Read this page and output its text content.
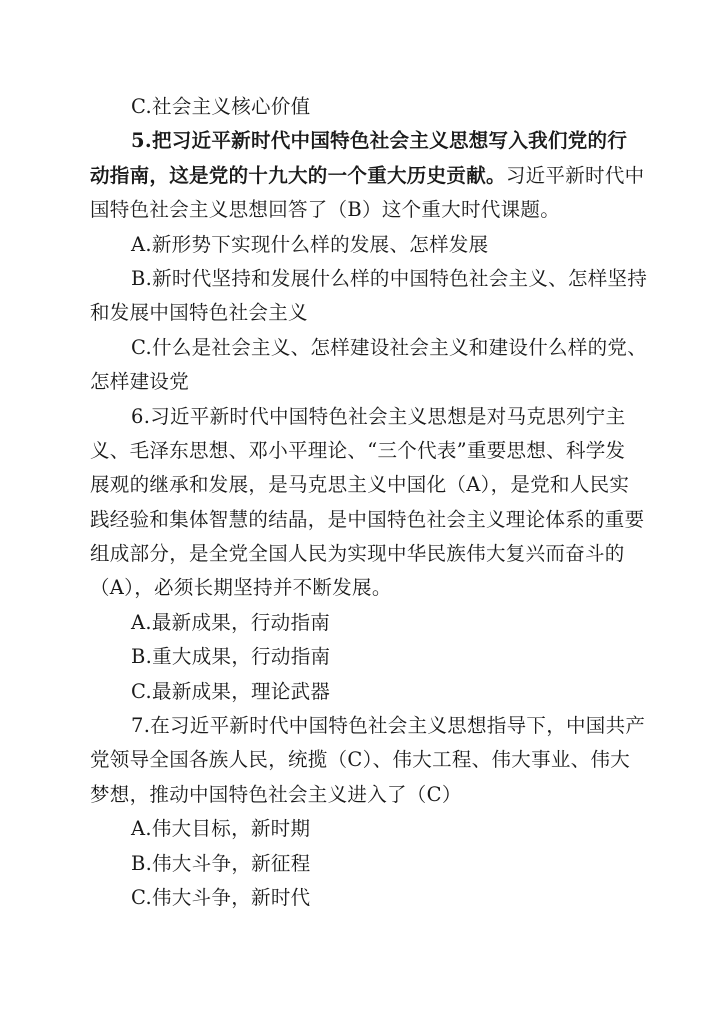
C.社会主义核心价值
5.把习近平新时代中国特色社会主义思想写入我们党的行
动指南，这是党的十九大的一个重大历史贡献。习近平新时代中
国特色社会主义思想回答了（B）这个重大时代课题。
A.新形势下实现什么样的发展、怎样发展
B.新时代坚持和发展什么样的中国特色社会主义、怎样坚持
和发展中国特色社会主义
C.什么是社会主义、怎样建设社会主义和建设什么样的党、
怎样建设党
6.习近平新时代中国特色社会主义思想是对马克思列宁主
义、毛泽东思想、邓小平理论、“三个代表”重要思想、科学发
展观的继承和发展，是马克思主义中国化（A），是党和人民实
践经验和集体智慧的结晶，是中国特色社会主义理论体系的重要
组成部分，是全党全国人民为实现中华民族伟大复兴而奋斗的
（A），必须长期坚持并不断发展。
A.最新成果，行动指南
B.重大成果，行动指南
C.最新成果，理论武器
7.在习近平新时代中国特色社会主义思想指导下，中国共产
党领导全国各族人民，统揽（C）、伟大工程、伟大事业、伟大
梦想，推动中国特色社会主义进入了（C）
A.伟大目标，新时期
B.伟大斗争，新征程
C.伟大斗争，新时代
